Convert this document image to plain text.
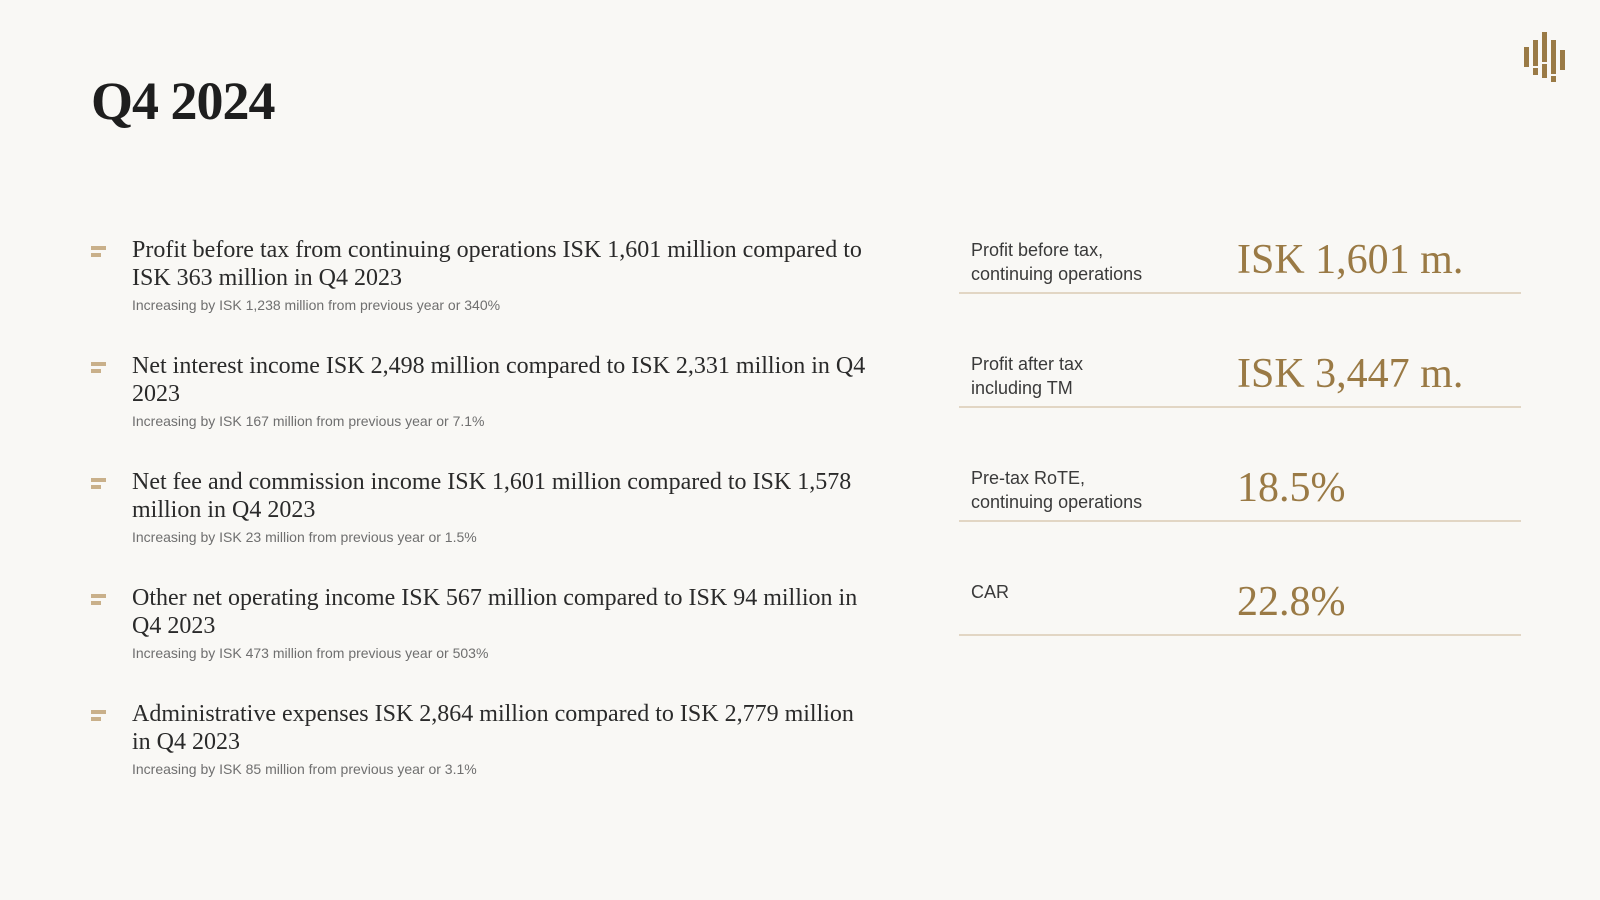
Q4 2024

Profit before tax from continuing operations ISK 1,601 million compared to ISK 363 million in Q4 2023

Increasing by ISK 1,238 million from previous year or 340%

Net interest income ISK 2,498 million compared to ISK 2,331 million in Q4 2023

Increasing by ISK 167 million from previous year or 7.1%

Net fee and commission income ISK 1,601 million compared to ISK 1,578 million in Q4 2023

Increasing by ISK 23 million from previous year or 1.5%

Other net operating income ISK 567 million compared to ISK 94 million in Q4 2023

Increasing by ISK 473 million from previous year or 503%

Administrative expenses ISK 2,864 million compared to ISK 2,779 million in Q4 2023

Increasing by ISK 85 million from previous year or 3.1%

Profit before tax,
continuing operations	ISK 1,601 m.

Profit after tax
including TM	ISK 3,447 m.

Pre-tax RoTE,
continuing operations	18.5%

CAR	22.8%
